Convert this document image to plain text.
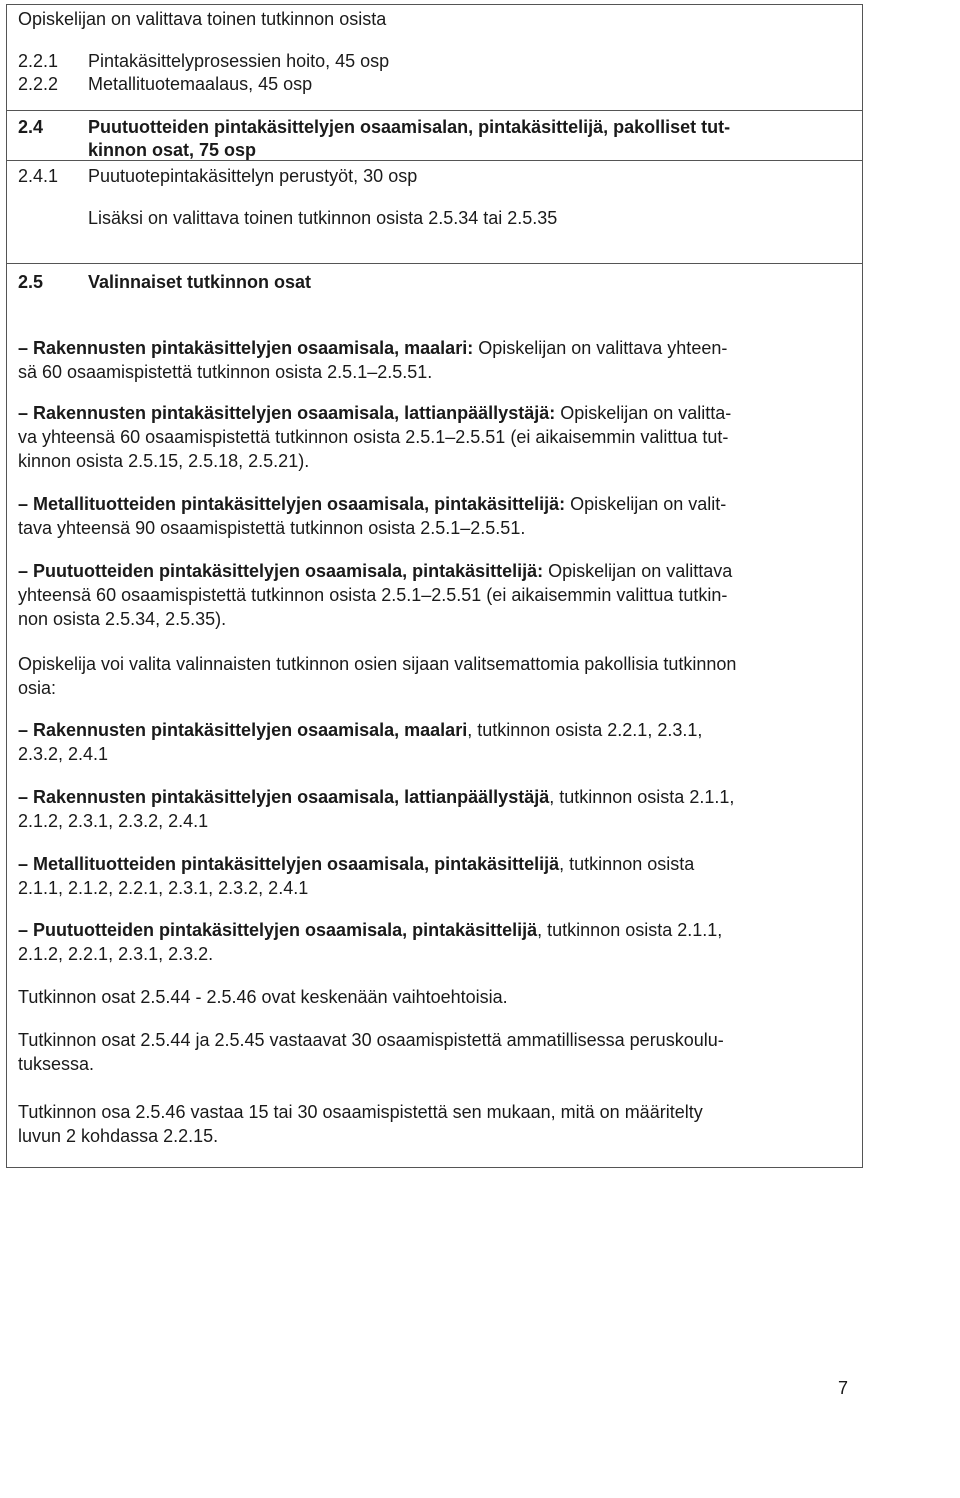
Opiskelijan on valittava toinen tutkinnon osista
2.2.1 Pintakäsittelyprosessien hoito, 45 osp
2.2.2 Metallituotemaalaus, 45 osp
2.4 Puutuotteiden pintakäsittelyjen osaamisalan, pintakäsittelijä, pakolliset tut-
kinnon osat, 75 osp
2.4.1 Puutuotepintakäsittelyn perustyöt, 30 osp
Lisäksi on valittava toinen tutkinnon osista 2.5.34 tai 2.5.35
2.5 Valinnaiset tutkinnon osat
– Rakennusten pintakäsittelyjen osaamisala, maalari: Opiskelijan on valittava yhteen-
sä 60 osaamispistettä tutkinnon osista 2.5.1–2.5.51.
– Rakennusten pintakäsittelyjen osaamisala, lattianpäällystäjä: Opiskelijan on valitta-
va yhteensä 60 osaamispistettä tutkinnon osista 2.5.1–2.5.51 (ei aikaisemmin valittua tut-
kinnon osista 2.5.15, 2.5.18, 2.5.21).
– Metallituotteiden pintakäsittelyjen osaamisala, pintakäsittelijä: Opiskelijan on valit-
tava yhteensä 90 osaamispistettä tutkinnon osista 2.5.1–2.5.51.
– Puutuotteiden pintakäsittelyjen osaamisala, pintakäsittelijä: Opiskelijan on valittava
yhteensä 60 osaamispistettä tutkinnon osista 2.5.1–2.5.51 (ei aikaisemmin valittua tutkin-
non osista 2.5.34, 2.5.35).
Opiskelija voi valita valinnaisten tutkinnon osien sijaan valitsemattomia pakollisia tutkinnon
osia:
– Rakennusten pintakäsittelyjen osaamisala, maalari, tutkinnon osista 2.2.1, 2.3.1,
2.3.2, 2.4.1
– Rakennusten pintakäsittelyjen osaamisala, lattianpäällystäjä, tutkinnon osista 2.1.1,
2.1.2, 2.3.1, 2.3.2, 2.4.1
– Metallituotteiden pintakäsittelyjen osaamisala, pintakäsittelijä, tutkinnon osista
2.1.1, 2.1.2, 2.2.1, 2.3.1, 2.3.2, 2.4.1
– Puutuotteiden pintakäsittelyjen osaamisala, pintakäsittelijä, tutkinnon osista 2.1.1,
2.1.2, 2.2.1, 2.3.1, 2.3.2.
Tutkinnon osat 2.5.44 - 2.5.46 ovat keskenään vaihtoehtoisia.
Tutkinnon osat 2.5.44 ja 2.5.45 vastaavat 30 osaamispistettä ammatillisessa peruskoulu-
tuksessa.
Tutkinnon osa 2.5.46 vastaa 15 tai 30 osaamispistettä sen mukaan, mitä on määritelty
luvun 2 kohdassa 2.2.15.
7
